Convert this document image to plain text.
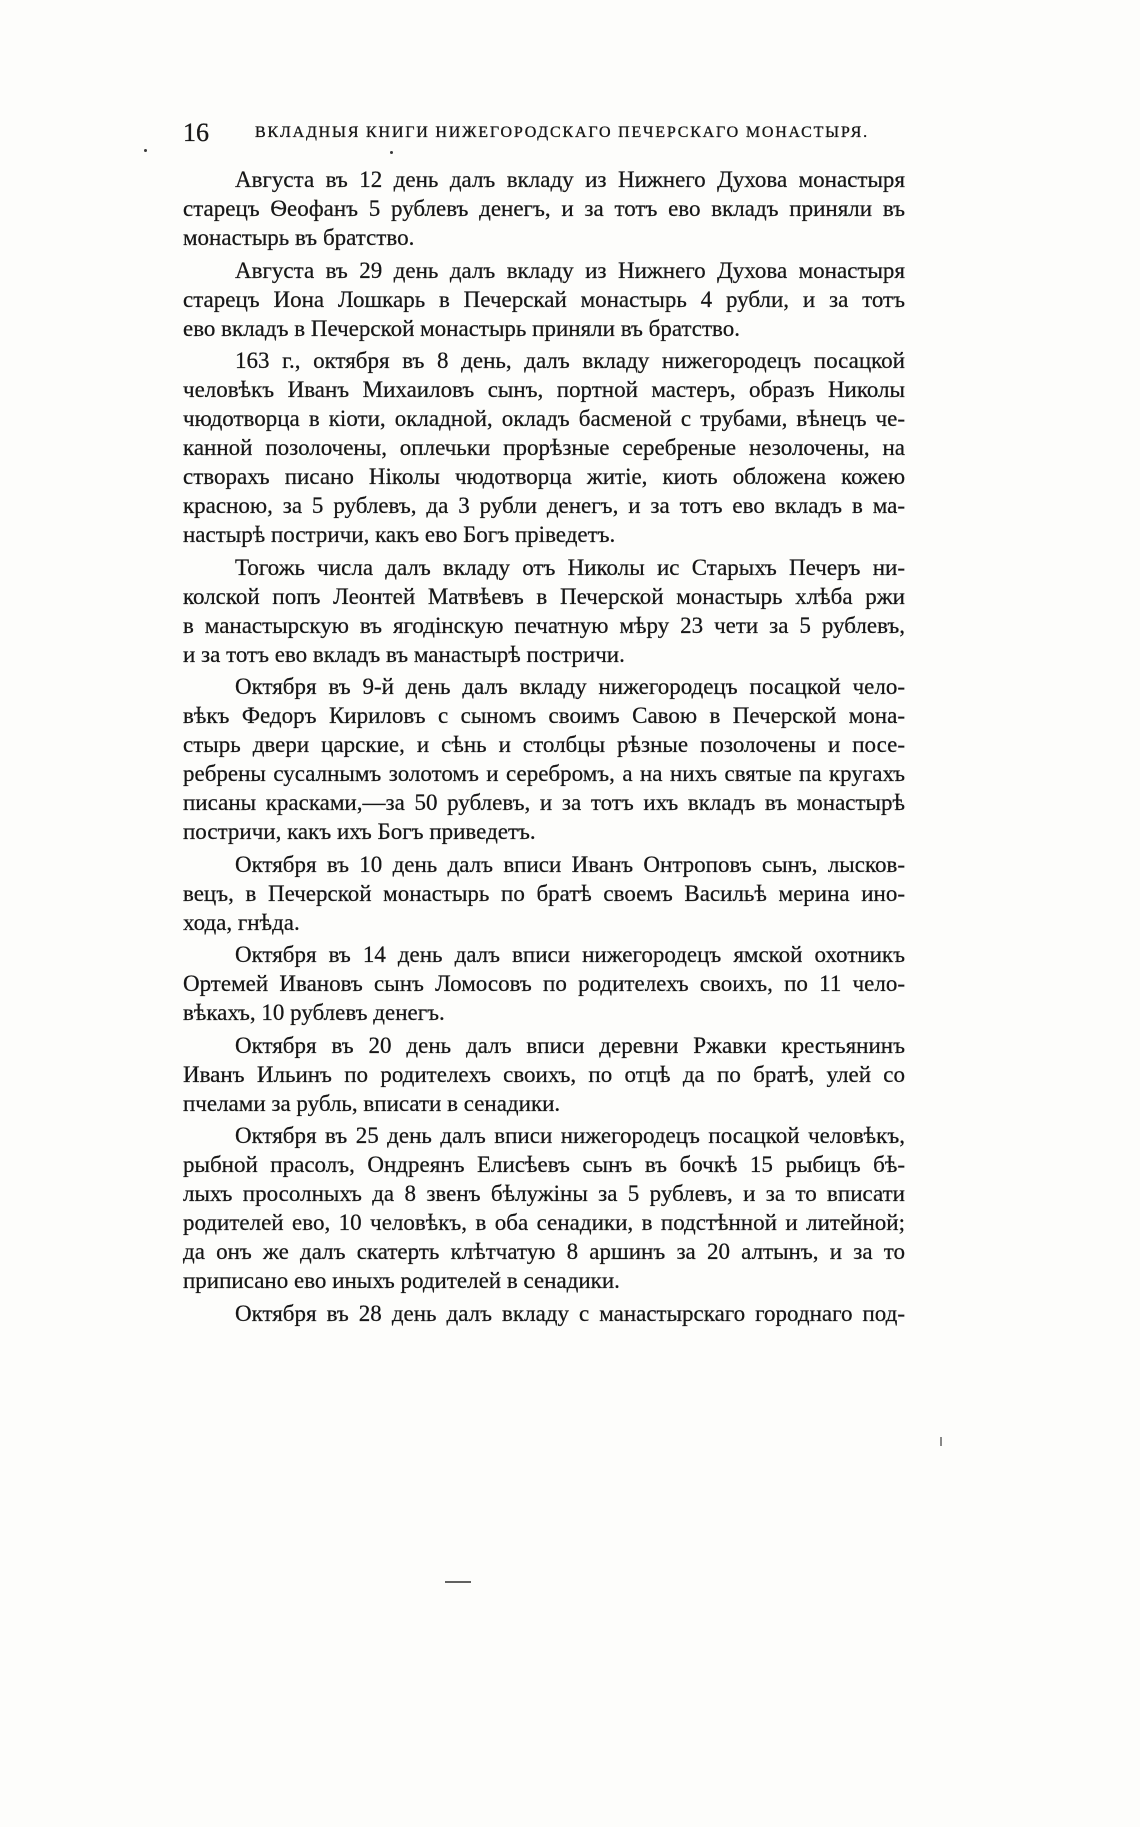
16	ВКЛАДНЫЯ КНИГИ НИЖЕГОРОДСКАГО ПЕЧЕРСКАГО МОНАСТЫРЯ.
Августа въ 12 день далъ вкладу из Нижнего Духова монастыря
старецъ Ѳеофанъ 5 рублевъ денегъ, и за тотъ ево вкладъ приняли въ
монастырь въ братство.
Августа въ 29 день далъ вкладу из Нижнего Духова монастыря
старецъ Иона Лошкарь в Печерскай монастырь 4 рубли, и за тотъ
ево вкладъ в Печерской монастырь приняли въ братство.
163 г., октября въ 8 день, далъ вкладу нижегородецъ посацкой
человѣкъ Иванъ Михаиловъ сынъ, портной мастеръ, образъ Николы
чюдотворца в кіоти, окладной, окладъ басменой с трубами, вѣнецъ че-
канной позолочены, оплечьки прорѣзные серебреные незолочены, на
створахъ писано Ніколы чюдотворца житіе, киоть обложена кожею
красною, за 5 рублевъ, да 3 рубли денегъ, и за тотъ ево вкладъ в ма-
настырѣ постричи, какъ ево Богъ пріведетъ.
Тогожь числа далъ вкладу отъ Николы ис Старыхъ Печеръ ни-
колской попъ Леонтей Матвѣевъ в Печерской монастырь хлѣба ржи
в манастырскую въ ягодінскую печатную мѣру 23 чети за 5 рублевъ,
и за тотъ ево вкладъ въ манастырѣ постричи.
Октября въ 9-й день далъ вкладу нижегородецъ посацкой чело-
вѣкъ Федоръ Кириловъ с сыномъ своимъ Савою в Печерской мона-
стырь двери царские, и сѣнь и столбцы рѣзные позолочены и посе-
ребрены сусалнымъ золотомъ и серебромъ, а на нихъ святые па кругахъ
писаны красками,—за 50 рублевъ, и за тотъ ихъ вкладъ въ монастырѣ
постричи, какъ ихъ Богъ приведетъ.
Октября въ 10 день далъ вписи Иванъ Онтроповъ сынъ, лысков-
вецъ, в Печерской монастырь по братѣ своемъ Васильѣ мерина ино-
хода, гнѣда.
Октября въ 14 день далъ вписи нижегородецъ ямской охотникъ
Ортемей Ивановъ сынъ Ломосовъ по родителехъ своихъ, по 11 чело-
вѣкахъ, 10 рублевъ денегъ.
Октября въ 20 день далъ вписи деревни Ржавки крестьянинъ
Иванъ Ильинъ по родителехъ своихъ, по отцѣ да по братѣ, улей со
пчелами за рубль, вписати в сенадики.
Октября въ 25 день далъ вписи нижегородецъ посацкой человѣкъ,
рыбной прасолъ, Ондреянъ Елисѣевъ сынъ въ бочкѣ 15 рыбицъ бѣ-
лыхъ просолныхъ да 8 звенъ бѣлужіны за 5 рублевъ, и за то вписати
родителей ево, 10 человѣкъ, в оба сенадики, в подстѣнной и литейной;
да онъ же далъ скатерть клѣтчатую 8 аршинъ за 20 алтынъ, и за то
приписано ево иныхъ родителей в сенадики.
Октября въ 28 день далъ вкладу с манастырскаго городнаго под-
